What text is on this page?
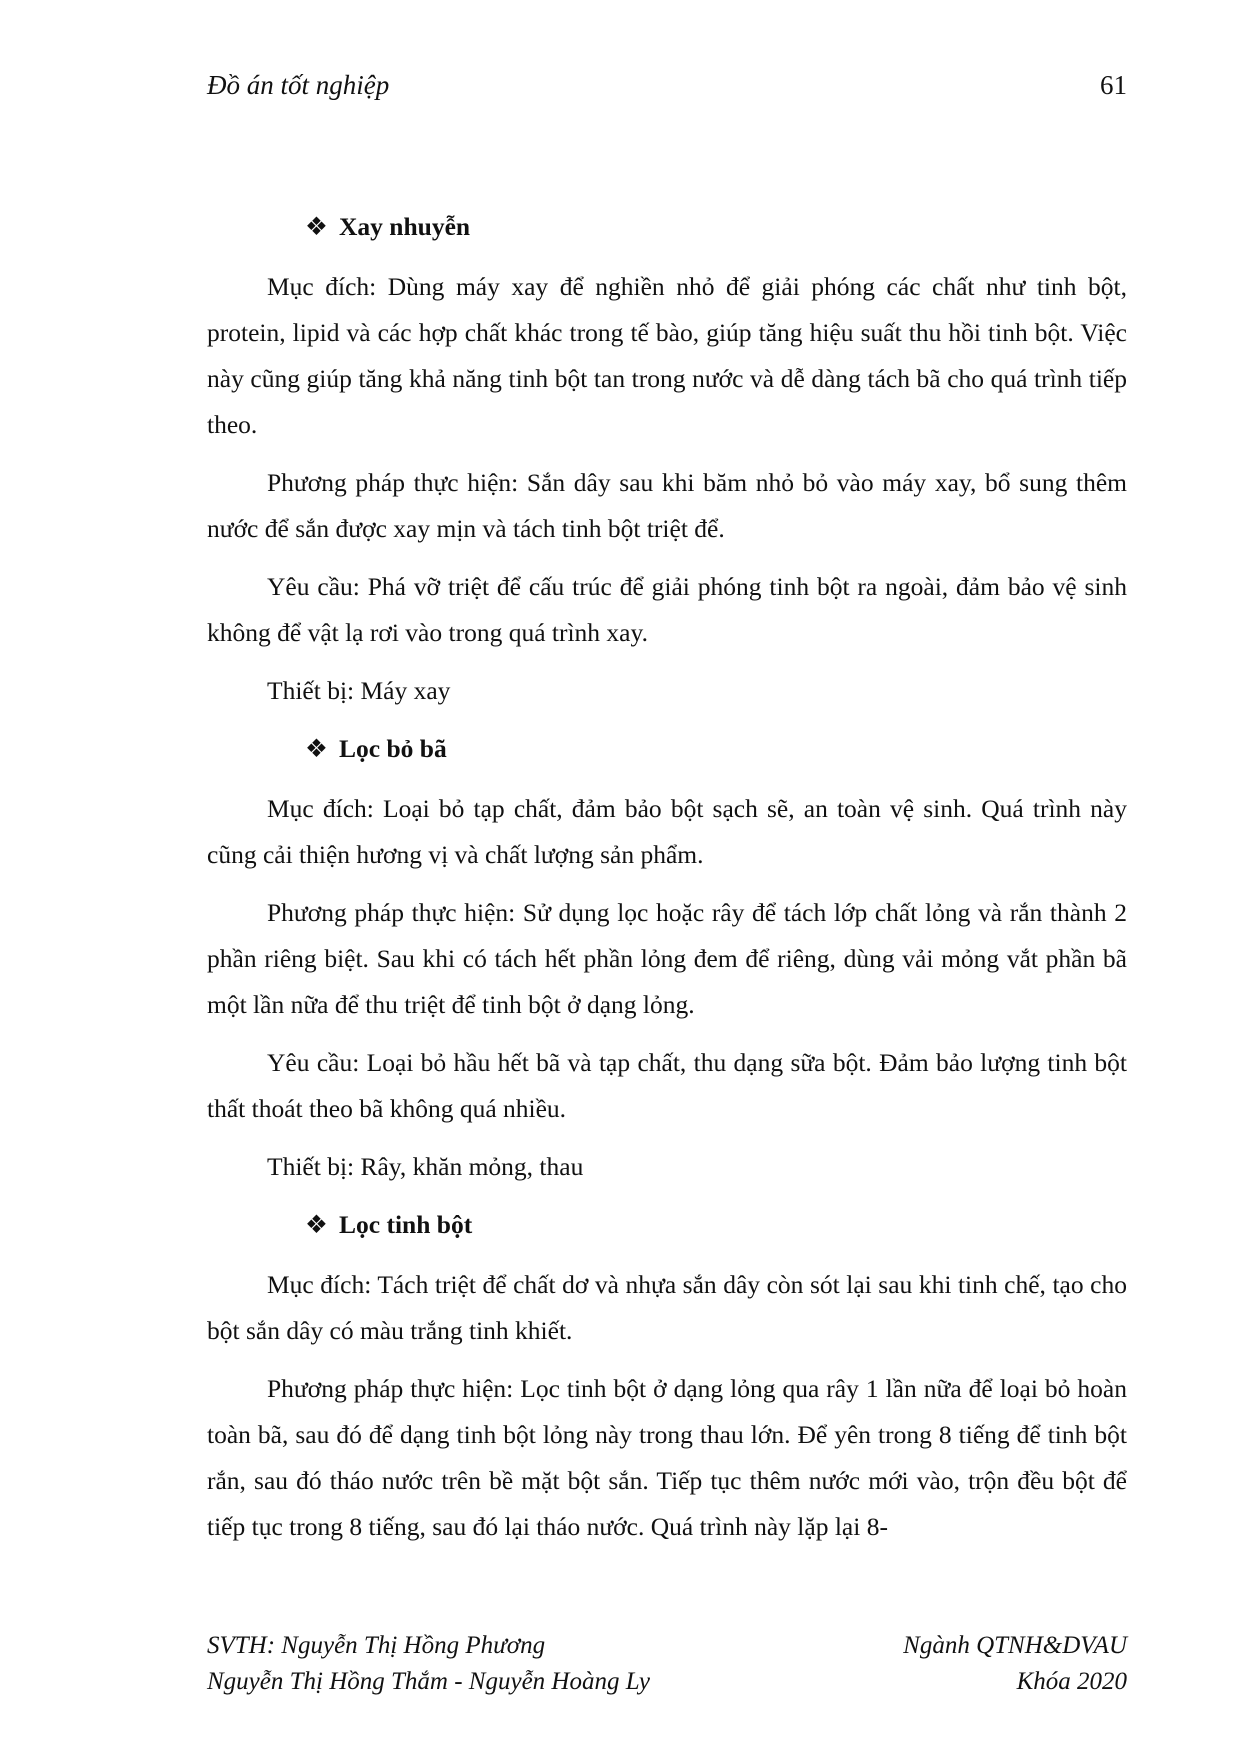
Đồ án tốt nghiệp	61
❖ Xay nhuyễn

Mục đích: Dùng máy xay để nghiền nhỏ để giải phóng các chất như tinh bột, protein, lipid và các hợp chất khác trong tế bào, giúp tăng hiệu suất thu hồi tinh bột. Việc này cũng giúp tăng khả năng tinh bột tan trong nước và dễ dàng tách bã cho quá trình tiếp theo.

Phương pháp thực hiện: Sắn dây sau khi băm nhỏ bỏ vào máy xay, bổ sung thêm nước để sắn được xay mịn và tách tinh bột triệt để.

Yêu cầu: Phá vỡ triệt để cấu trúc để giải phóng tinh bột ra ngoài, đảm bảo vệ sinh không để vật lạ rơi vào trong quá trình xay.

Thiết bị: Máy xay

❖ Lọc bỏ bã

Mục đích: Loại bỏ tạp chất, đảm bảo bột sạch sẽ, an toàn vệ sinh. Quá trình này cũng cải thiện hương vị và chất lượng sản phẩm.

Phương pháp thực hiện: Sử dụng lọc hoặc rây để tách lớp chất lỏng và rắn thành 2 phần riêng biệt. Sau khi có tách hết phần lỏng đem để riêng, dùng vải mỏng vắt phần bã một lần nữa để thu triệt để tinh bột ở dạng lỏng.

Yêu cầu: Loại bỏ hầu hết bã và tạp chất, thu dạng sữa bột. Đảm bảo lượng tinh bột thất thoát theo bã không quá nhiều.

Thiết bị: Rây, khăn mỏng, thau

❖ Lọc tinh bột

Mục đích: Tách triệt để chất dơ và nhựa sắn dây còn sót lại sau khi tinh chế, tạo cho bột sắn dây có màu trắng tinh khiết.

Phương pháp thực hiện: Lọc tinh bột ở dạng lỏng qua rây 1 lần nữa để loại bỏ hoàn toàn bã, sau đó để dạng tinh bột lỏng này trong thau lớn. Để yên trong 8 tiếng để tinh bột rắn, sau đó tháo nước trên bề mặt bột sắn. Tiếp tục thêm nước mới vào, trộn đều bột để tiếp tục trong 8 tiếng, sau đó lại tháo nước. Quá trình này lặp lại 8-

SVTH: Nguyễn Thị Hồng Phương	Ngành QTNH&DVAU
Nguyễn Thị Hồng Thắm - Nguyễn Hoàng Ly	Khóa 2020
